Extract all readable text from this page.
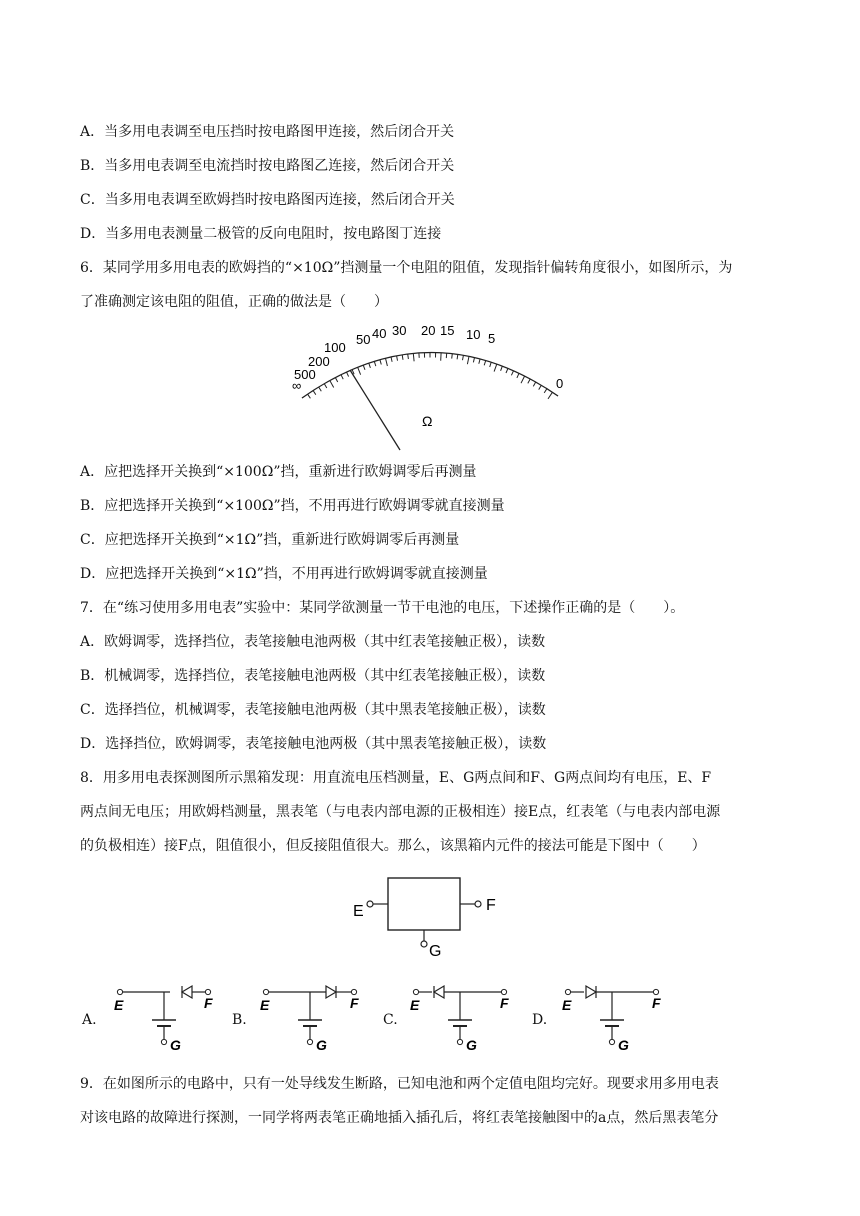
A．当多用电表调至电压挡时按电路图甲连接，然后闭合开关
B．当多用电表调至电流挡时按电路图乙连接，然后闭合开关
C．当多用电表调至欧姆挡时按电路图丙连接，然后闭合开关
D．当多用电表测量二极管的反向电阻时，按电路图丁连接
6．某同学用多用电表的欧姆挡的“×10Ω”挡测量一个电阻的阻值，发现指针偏转角度很小，如图所示，为
了准确测定该电阻的阻值，正确的做法是（　　）
∞
500
200
100
50 40 30 20 15 10 5
0
Ω
A．应把选择开关换到“×100Ω”挡，重新进行欧姆调零后再测量
B．应把选择开关换到“×100Ω”挡，不用再进行欧姆调零就直接测量
C．应把选择开关换到“×1Ω”挡，重新进行欧姆调零后再测量
D．应把选择开关换到“×1Ω”挡，不用再进行欧姆调零就直接测量
7．在“练习使用多用电表”实验中：某同学欲测量一节干电池的电压，下述操作正确的是（　　）。
A．欧姆调零，选择挡位，表笔接触电池两极（其中红表笔接触正极），读数
B．机械调零，选择挡位，表笔接触电池两极（其中红表笔接触正极），读数
C．选择挡位，机械调零，表笔接触电池两极（其中黑表笔接触正极），读数
D．选择挡位，欧姆调零，表笔接触电池两极（其中黑表笔接触正极），读数
8．用多用电表探测图所示黑箱发现：用直流电压档测量，E、G两点间和F、G两点间均有电压，E、F
两点间无电压；用欧姆档测量，黑表笔（与电表内部电源的正极相连）接E点，红表笔（与电表内部电源
的负极相连）接F点，阻值很小，但反接阻值很大。那么，该黑箱内元件的接法可能是下图中（　　）
E	F
G
A.
E	F
G
B.
E	F
G
C.
E	F
G
D.
E	F
G
9．在如图所示的电路中，只有一处导线发生断路，已知电池和两个定值电阻均完好。现要求用多用电表
对该电路的故障进行探测，一同学将两表笔正确地插入插孔后，将红表笔接触图中的a点，然后黑表笔分
